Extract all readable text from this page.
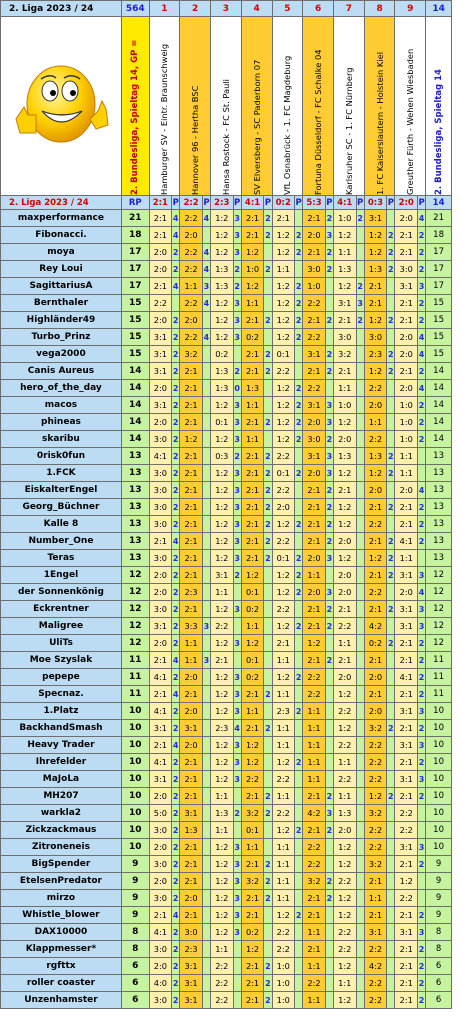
2. Liga 2023 / 24	564	1		2		3		4		5		6		7		8		9		14

2. Bundesliga, Spieltag 14, GP =	Hamburger SV - Eintr. Braunschweig		Hannover 96 - Hertha BSC		Hansa Rostock - FC St. Pauli		SV Elversberg - SC Paderborn 07		VfL Osnabrück - 1. FC Magdeburg		Fortuna Düsseldorf - FC Schalke 04		Karlsruher SC - 1. FC Nürnberg		1. FC Kaiserslautern - Holstein Kiel		Greuther Fürth - Wehen Wiesbaden		2. Bundesliga, Spieltag 14

2. Liga 2023 / 24	RP	2:1	P	2:2	P	2:3	P	4:1	P	0:2	P	5:3	P	4:1	P	0:3	P	2:0	P	14
maxperformance	21	2:1	4	2:2	4	1:2	3	2:1	2	2:1		2:1	2	1:0	2	3:1		2:0	4	21
Fibonacci.	18	2:1	4	2:0		1:2	3	2:1	2	1:2	2	2:0	3	1:2		1:2	2	2:1	2	18
moya	17	2:0	2	2:2	4	1:2	3	1:2		1:2	2	2:1	2	1:1		1:2	2	2:1	2	17
Rey Loui	17	2:0	2	2:2	4	1:3	2	1:0	2	1:1		3:0	2	1:3		1:3	2	3:0	2	17
SagittariusA	17	2:1	4	1:1	3	1:3	2	1:2		1:2	2	1:0		1:2	2	2:1		3:1	3	17
Bernthaler	15	2:2		2:2	4	1:2	3	1:1		1:2	2	2:2		3:1	3	2:1		2:1	2	15
Highländer49	15	2:0	2	2:0		1:2	3	2:1	2	1:2	2	2:1	2	2:1	2	1:2	2	2:1	2	15
Turbo_Prinz	15	3:1	2	2:2	4	1:2	3	0:2		1:2	2	2:2		3:0		3:0		2:0	4	15
vega2000	15	3:1	2	3:2		0:2		2:1	2	0:1		3:1	2	3:2		2:3	2	2:0	4	15
Canis Aureus	14	3:1	2	2:1		1:3	2	2:1	2	2:2		2:1	2	2:1		1:2	2	2:1	2	14
hero_of_the_day	14	2:0	2	2:1		1:3	0	1:3		1:2	2	2:2		1:1		2:2		2:0	4	14
macos	14	3:1	2	2:1		1:2	3	1:1		1:2	2	3:1	3	1:0		2:0		1:0	2	14
phineas	14	2:0	2	2:1		0:1	3	2:1	2	1:2	2	2:0	3	1:2		1:1		1:0	2	14
skaribu	14	3:0	2	1:2		1:2	3	1:1		1:2	2	3:0	2	2:0		2:2		1:0	2	14
0risk0fun	13	4:1	2	2:1		0:3	2	2:1	2	2:2		3:1	3	1:3		1:3	2	1:1		13
1.FCK	13	3:0	2	2:1		1:2	3	2:1	2	0:1	2	2:0	3	1:2		1:2	2	1:1		13
EiskalterEngel	13	3:0	2	2:1		1:2	3	2:1	2	2:2		2:1	2	2:1		2:0		2:0	4	13
Georg_Büchner	13	3:0	2	2:1		1:2	3	2:1	2	2:0		2:1	2	1:2		2:1	2	2:1	2	13
Kalle 8	13	3:0	2	2:1		1:2	3	2:1	2	1:2	2	2:1	2	1:2		2:2		2:1	2	13
Number_One	13	2:1	4	2:1		1:2	3	2:1	2	2:2		2:1	2	2:0		2:1	2	4:1	2	13
Teras	13	3:0	2	2:1		1:2	3	2:1	2	0:1	2	2:0	3	1:2		1:2	2	1:1		13
1Engel	12	2:0	2	2:1		3:1	2	1:2		1:2	2	1:1		2:0		2:1	2	3:1	3	12
der Sonnenkönig	12	2:0	2	2:3		1:1		0:1		1:2	2	2:0	3	2:0		2:2		2:0	4	12
Eckrentner	12	3:0	2	2:1		1:2	3	0:2		2:2		2:1	2	2:1		2:1	2	3:1	3	12
Maligree	12	3:1	2	3:3	3	2:2		1:1		1:2	2	2:1	2	2:2		4:2		3:1	3	12
UliTs	12	2:0	2	1:1		1:2	3	1:2		2:1		1:2		1:1		0:2	2	2:1	2	12
Moe Szyslak	11	2:1	4	1:1	3	2:1		0:1		1:1		2:1	2	2:1		2:1		2:1	2	11
pepepe	11	4:1	2	2:0		1:2	3	0:2		1:2	2	2:2		2:0		2:0		4:1	2	11
Specnaz.	11	2:1	4	2:1		1:2	3	2:1	2	1:1		2:2		1:2		2:1		2:1	2	11
1.Platz	10	4:1	2	2:0		1:2	3	1:1		2:3	2	1:1		2:2		2:0		3:1	3	10
BackhandSmash	10	3:1	2	3:1		2:3	4	2:1	2	1:1		1:1		1:2		3:2	2	2:1	2	10
Heavy Trader	10	2:1	4	2:0		1:2	3	1:2		1:1		1:1		2:2		2:2		3:1	3	10
Ihrefelder	10	4:1	2	2:1		1:2	3	1:2		1:2	2	1:1		1:1		2:2		2:1	2	10
MaJoLa	10	3:1	2	2:1		1:2	3	2:2		2:2		1:1		2:2		2:2		3:1	3	10
MH207	10	2:0	2	2:1		1:1		2:1	2	1:1		2:1	2	1:1		1:2	2	2:1	2	10
warkla2	10	5:0	2	3:1		1:3	2	3:2	2	2:2		4:2	3	1:3		3:2		2:2		10
Zickzackmaus	10	3:0	2	1:3		1:1		0:1		1:2	2	2:1	2	2:0		2:2		2:2		10
Zitroneneis	10	2:0	2	2:1		1:2	3	1:1		1:1		2:2		1:2		2:2		3:1	3	10
BigSpender	9	3:0	2	2:1		1:2	3	2:1	2	1:1		2:2		1:2		3:2		2:1	2	9
EtelsenPredator	9	2:0	2	2:1		1:2	3	3:2	2	1:1		3:2	2	2:2		2:1		1:2		9
mirzo	9	3:0	2	2:0		1:2	3	2:1	2	1:1		2:1	2	1:2		1:1		2:2		9
Whistle_blower	9	2:1	4	2:1		1:2	3	2:1		1:2	2	2:1		1:2		2:1		2:1	2	9
DAX10000	8	4:1	2	3:0		1:2	3	0:2		2:2		1:1		2:2		3:1		3:1	3	8
Klappmesser*	8	3:0	2	2:3		1:1		1:2		2:2		2:1		2:2		2:2		2:1	2	8
rgfttx	6	2:0	2	3:1		2:2		2:1	2	1:0		1:1		1:2		4:2		2:1	2	6
roller coaster	6	4:0	2	3:1		2:2		2:1	2	1:0		2:2		1:1		2:2		2:1	2	6
Unzenhamster	6	3:0	2	3:1		2:2		2:1	2	1:0		1:1		1:2		2:2		2:1	2	6
